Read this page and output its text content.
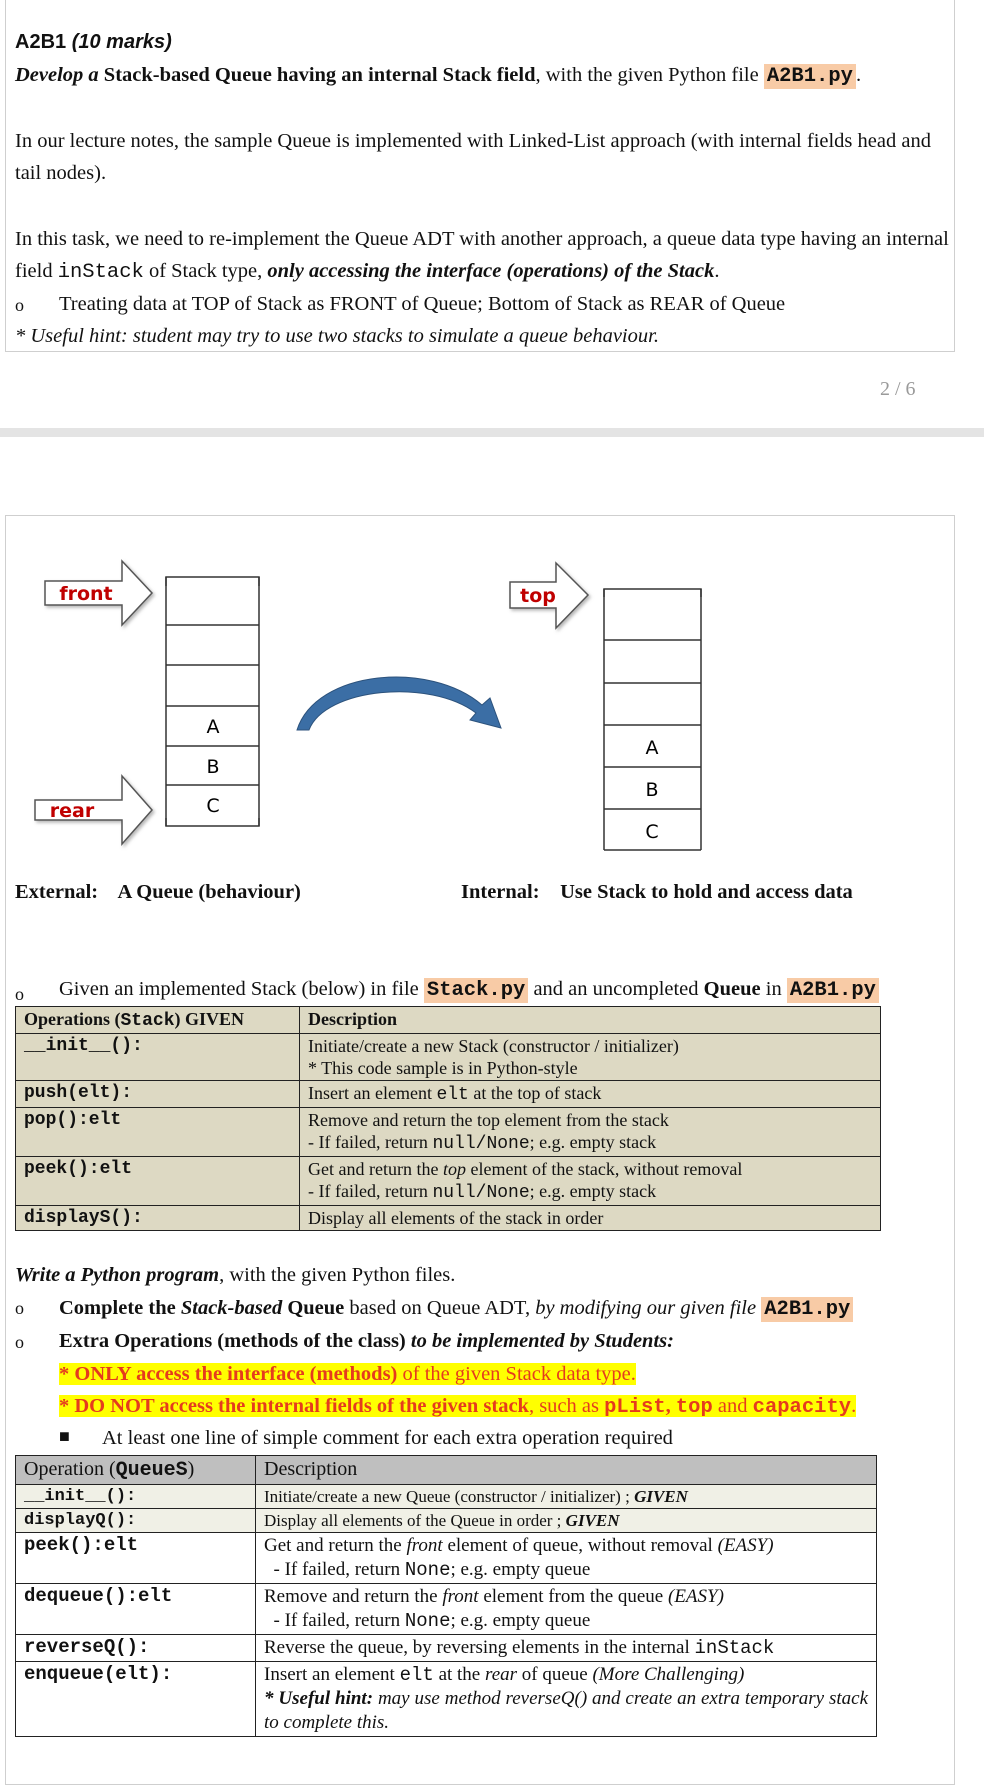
A2B1 (10 marks)
Develop a Stack-based Queue having an internal Stack field, with the given Python file A2B1.py .
In our lecture notes, the sample Queue is implemented with Linked-List approach (with internal fields head and tail nodes).
In this task, we need to re-implement the Queue ADT with another approach, a queue data type having an internal field inStack of Stack type, only accessing the interface (operations) of the Stack.
o Treating data at TOP of Stack as FRONT of Queue; Bottom of Stack as REAR of Queue
* Useful hint: student may try to use two stacks to simulate a queue behaviour.
2 / 6
front
rear
A
B
C
top
A
B
C
External: A Queue (behaviour)	Internal: Use Stack to hold and access data
o Given an implemented Stack (below) in file Stack.py and an uncompleted Queue in A2B1.py
Operations (Stack) GIVEN	Description
__init__():	Initiate/create a new Stack (constructor / initializer)
* This code sample is in Python-style

push(elt):	Insert an element elt at the top of stack
pop():elt	Remove and return the top element from the stack
- If failed, return null/None; e.g. empty stack

peek():elt	Get and return the top element of the stack, without removal
- If failed, return null/None; e.g. empty stack

displayS():	Display all elements of the stack in order
Write a Python program, with the given Python files.
o Complete the Stack-based Queue based on Queue ADT, by modifying our given file A2B1.py
o Extra Operations (methods of the class) to be implemented by Students:
* ONLY access the interface (methods) of the given Stack data type.
* DO NOT access the internal fields of the given stack, such as pList, top and capacity.
■ At least one line of simple comment for each extra operation required
Operation (QueueS)	Description
__init__():	Initiate/create a new Queue (constructor / initializer) ; GIVEN
displayQ():	Display all elements of the Queue in order ; GIVEN
peek():elt	Get and return the front element of queue, without removal (EASY)
- If failed, return None; e.g. empty queue

dequeue():elt	Remove and return the front element from the queue (EASY)
- If failed, return None; e.g. empty queue

reverseQ():	Reverse the queue, by reversing elements in the internal inStack
enqueue(elt):	Insert an element elt at the rear of queue (More Challenging)
* Useful hint: may use method reverseQ() and create an extra temporary stack to complete this.
